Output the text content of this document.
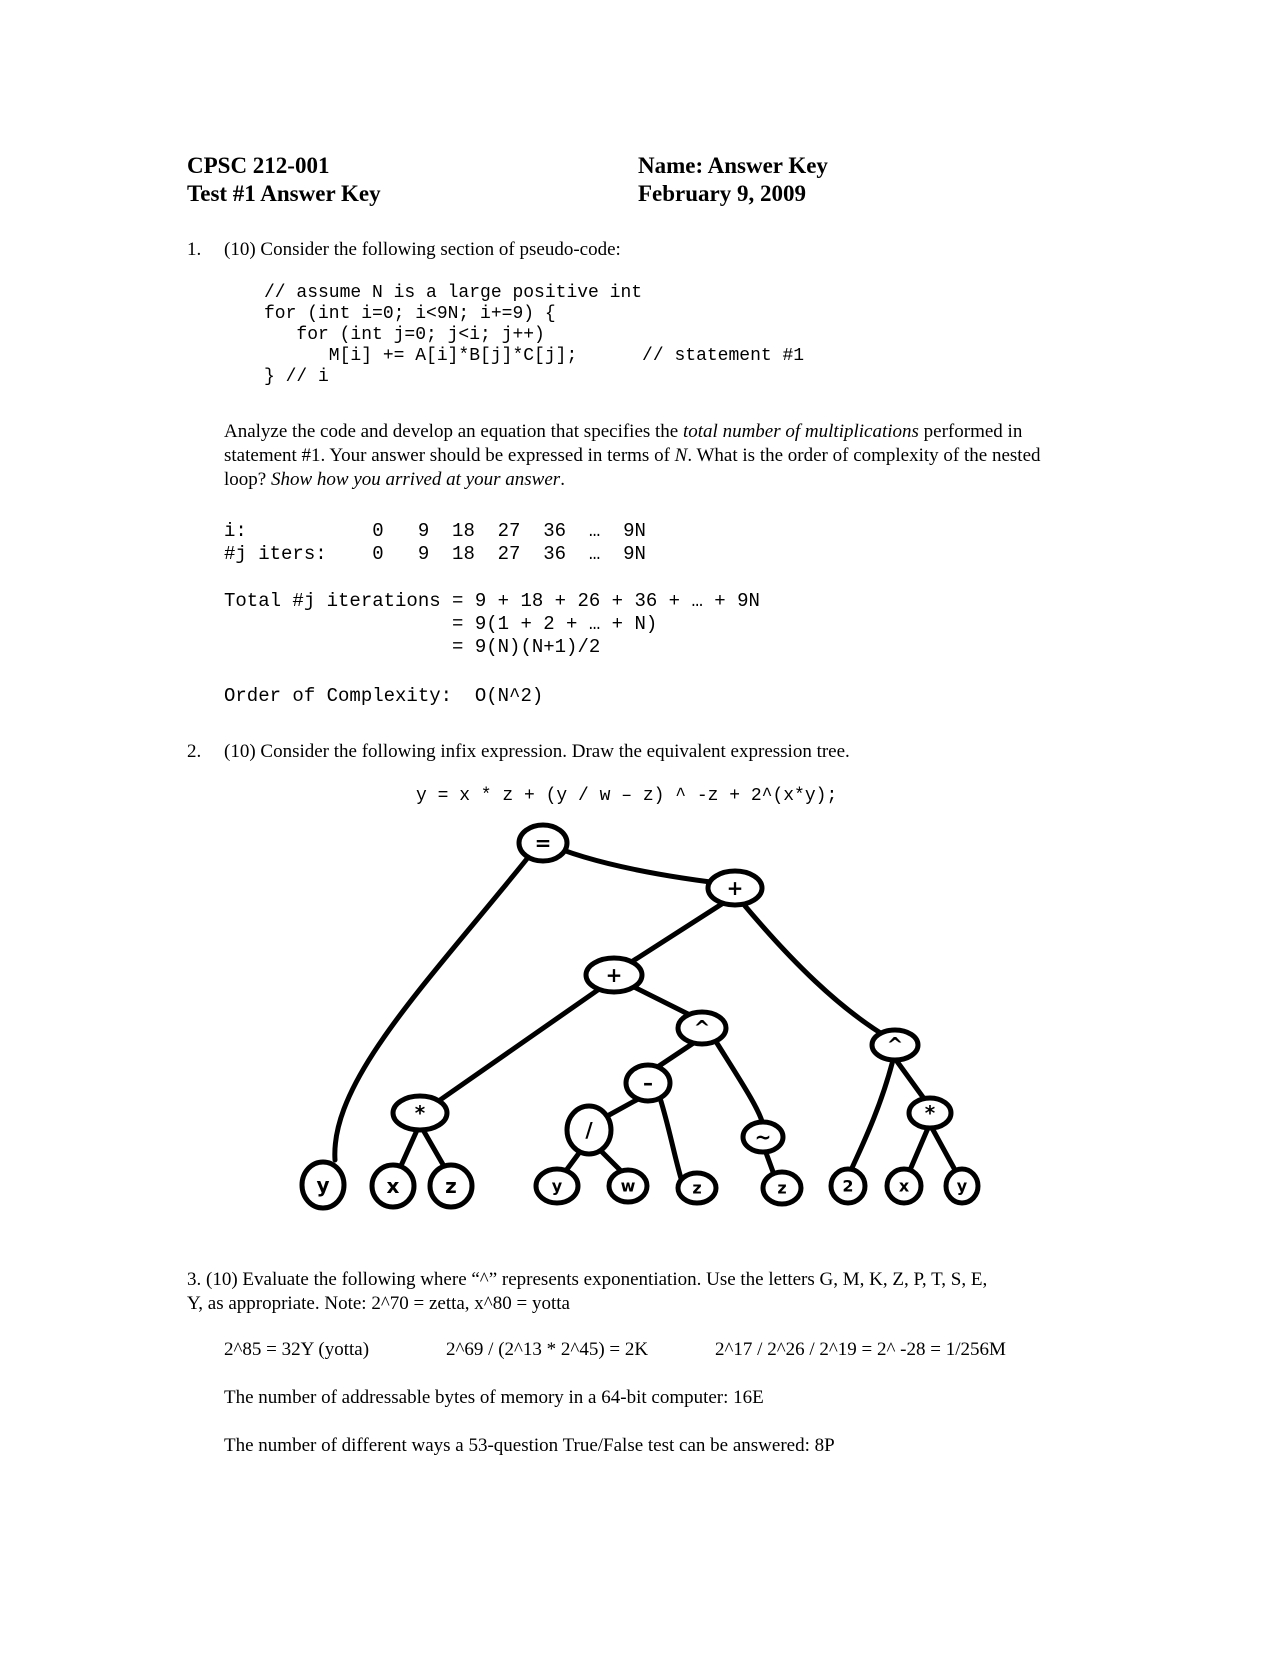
CPSC 212-001
Test #1 Answer Key
Name: Answer Key
February 9, 2009
1. (10) Consider the following section of pseudo-code:
// assume N is a large positive int
for (int i=0; i<9N; i+=9) {
for (int j=0; j<i; j++)
M[i] += A[i]*B[j]*C[j];      // statement #1
} // i
Analyze the code and develop an equation that specifies the total number of multiplications performed in statement #1. Your answer should be expressed in terms of N. What is the order of complexity of the nested loop? Show how you arrived at your answer.
i:           0   9  18  27  36  …  9N
#j iters:    0   9  18  27  36  …  9N
Total #j iterations = 9 + 18 + 26 + 36 + … + 9N
= 9(1 + 2 + … + N)
= 9(N)(N+1)/2
Order of Complexity:  O(N^2)
2. (10) Consider the following infix expression. Draw the equivalent expression tree.
y = x * z + (y / w – z) ^ -z + 2^(x*y);
=
+
+
^
^
*
–
/	~
*
y	x z	y	w	z	z	2	x	y
3. (10) Evaluate the following where “^” represents exponentiation. Use the letters G, M, K, Z, P, T, S, E,
Y, as appropriate. Note: 2^70 = zetta, x^80 = yotta
2^85 = 32Y (yotta)	2^69 / (2^13 * 2^45) = 2K	2^17 / 2^26 / 2^19 = 2^ -28 = 1/256M
The number of addressable bytes of memory in a 64-bit computer: 16E
The number of different ways a 53-question True/False test can be answered: 8P
